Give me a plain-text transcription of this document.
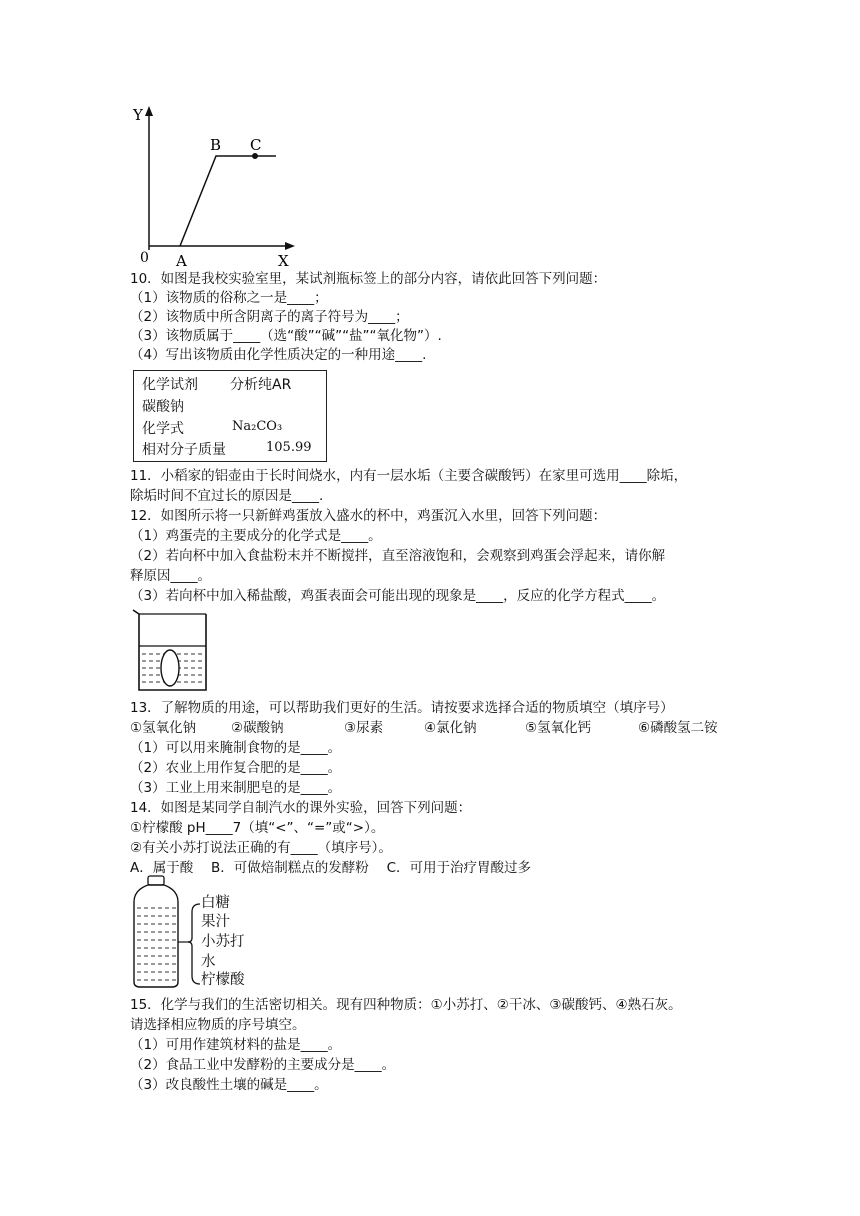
Y
X
0 A
B C
10．如图是我校实验室里，某试剂瓶标签上的部分内容，请依此回答下列问题：
（1）该物质的俗称之一是____；
（2）该物质中所含阴离子的离子符号为____；
（3）该物质属于____（选“酸”“碱”“盐”“氧化物”）.
（4）写出该物质由化学性质决定的一种用途____.
化学试剂 分析纯AR
碳酸钠
化学式	Na₂CO₃
相对分子质量	105.99
11．小稻家的铝壶由于长时间烧水，内有一层水垢（主要含碳酸钙）在家里可选用____除垢，
除垢时间不宜过长的原因是____.
12．如图所示将一只新鲜鸡蛋放入盛水的杯中，鸡蛋沉入水里，回答下列问题：
（1）鸡蛋壳的主要成分的化学式是____。
（2）若向杯中加入食盐粉末并不断搅拌，直至溶液饱和，会观察到鸡蛋会浮起来，请你解
释原因____。
（3）若向杯中加入稀盐酸，鸡蛋表面会可能出现的现象是____，反应的化学方程式____。
13．了解物质的用途，可以帮助我们更好的生活。请按要求选择合适的物质填空（填序号）
①氢氧化钠	②碳酸钠	③尿素	④氯化钠	⑤氢氧化钙	⑥磷酸氢二铵
（1）可以用来腌制食物的是____。
（2）农业上用作复合肥的是____。
（3）工业上用来制肥皂的是____。
14．如图是某同学自制汽水的课外实验，回答下列问题：
①柠檬酸 pH____7（填“<”、“=”或“>）。
②有关小苏打说法正确的有____（填序号）。
A．属于酸　 B．可做焙制糕点的发酵粉　 C．可用于治疗胃酸过多
白糖
果汁
小苏打
水
柠檬酸
15．化学与我们的生活密切相关。现有四种物质：①小苏打、②干冰、③碳酸钙、④熟石灰。
请选择相应物质的序号填空。
（1）可用作建筑材料的盐是____。
（2）食品工业中发酵粉的主要成分是____。
（3）改良酸性土壤的碱是____。
